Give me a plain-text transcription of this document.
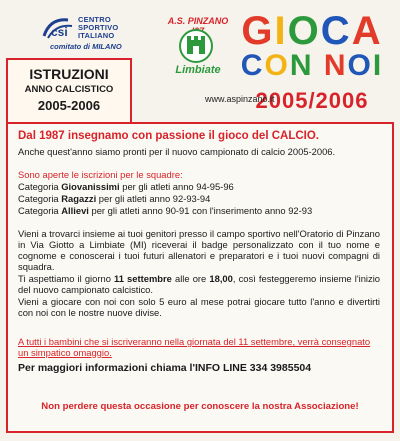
csi
CENTRO
SPORTIVO
ITALIANO
comitato di MILANO
A.S. PINZANO
Limbiate
GIOCA
CON NOI
2005/2006
www.aspinzano.it
ISTRUZIONI
ANNO CALCISTICO
2005-2006
Dal 1987 insegnamo con passione il gioco del CALCIO.
Anche quest'anno siamo pronti per il nuovo campionato di calcio 2005-2006.
Sono aperte le iscrizioni per le squadre:
Categoria Giovanissimi per gli atleti anno 94-95-96
Categoria Ragazzi per gli atleti anno 92-93-94
Categoria Allievi per gli atleti anno 90-91 con l'inserimento anno 92-93
Vieni a trovarci insieme ai tuoi genitori presso il campo sportivo nell'Oratorio di Pinzano in Via Giotto a Limbiate (MI) riceverai il badge personalizzato con il tuo nome e cognome e conoscerai i tuoi futuri allenatori e preparatori e i tuoi nuovi compagni di squadra.
Ti aspettiamo il giorno 11 settembre alle ore 18,00, così festeggeremo insieme l'inizio del nuovo campionato calcistico.
Vieni a giocare con noi con solo 5 euro al mese potrai giocare tutto l'anno e divertirti con noi con le nostre nuove divise.
A tutti i bambini che si iscriveranno nella giornata del 11 settembre, verrà consegnato un simpatico omaggio.
Per maggiori informazioni chiama l'INFO LINE 334 3985504
Non perdere questa occasione per conoscere la nostra Associazione!
